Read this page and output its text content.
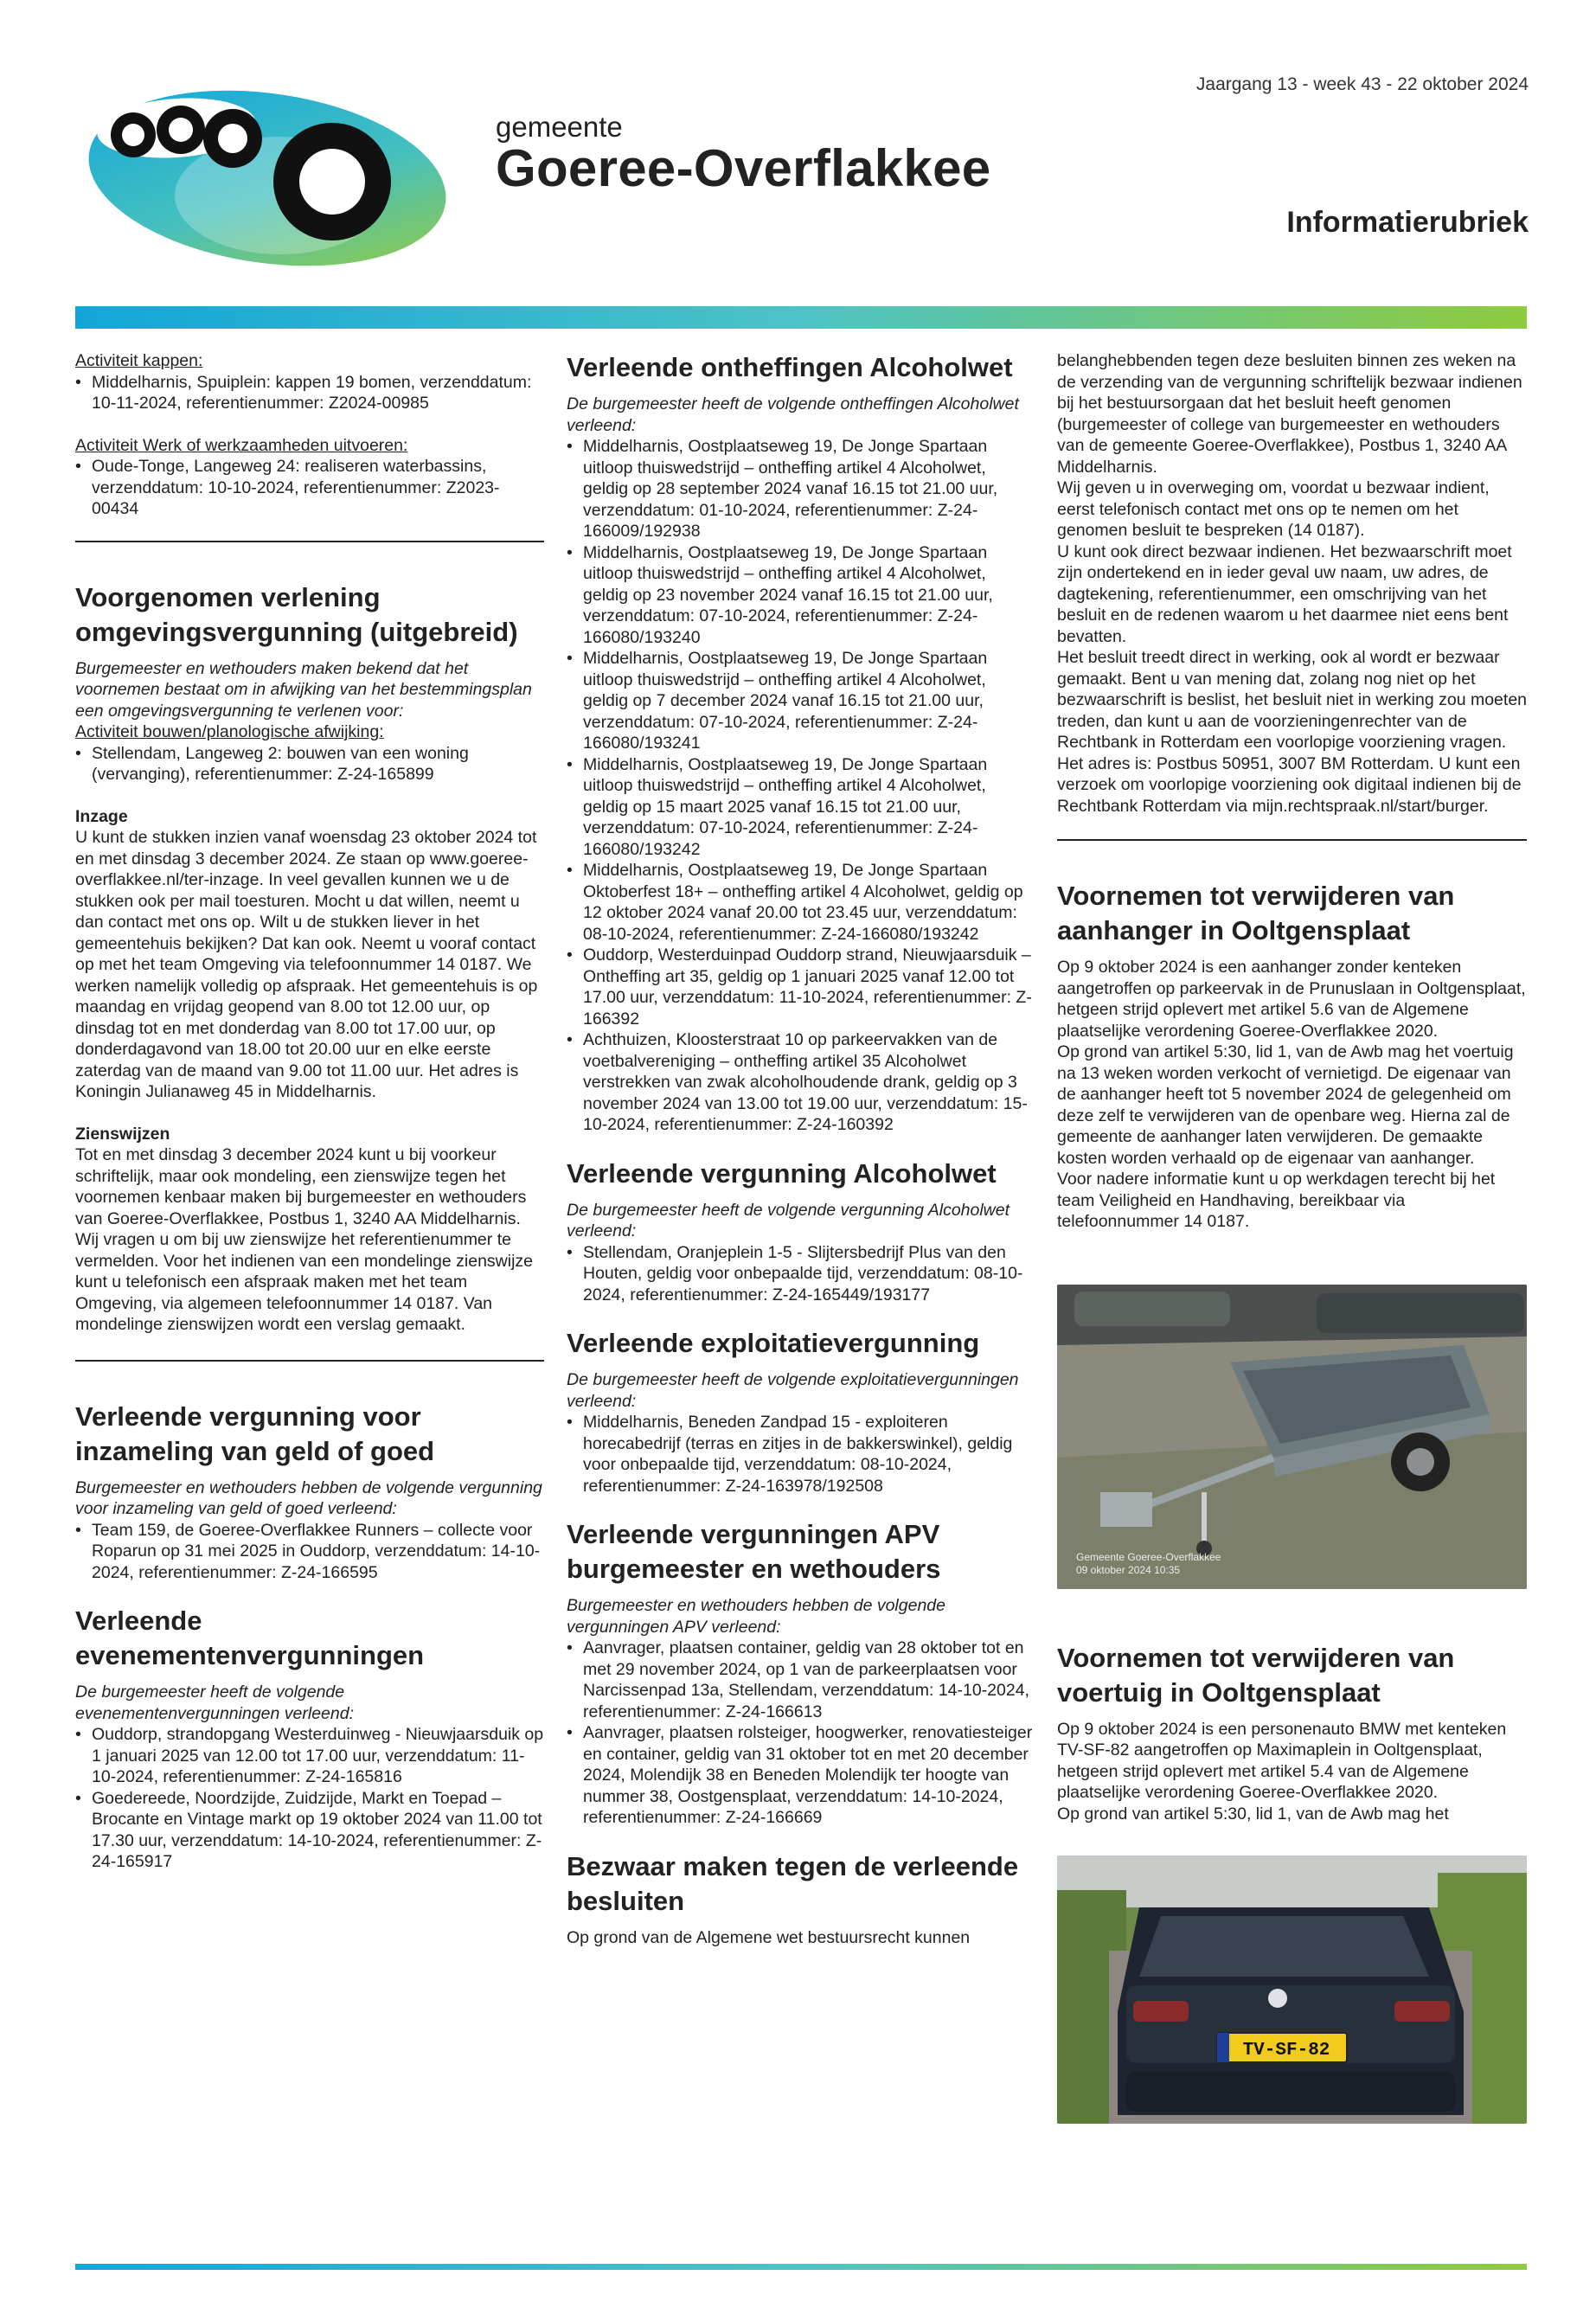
Jaargang 13 - week 43 - 22 oktober 2024
gemeente
Goeree-Overflakkee
Informatierubriek

Activiteit kappen:

• Middelharnis, Spuiplein: kappen 19 bomen, verzenddatum: 10-11-2024, referentienummer: Z2024-00985

Activiteit Werk of werkzaamheden uitvoeren:

• Oude-Tonge, Langeweg 24: realiseren waterbassins, verzenddatum: 10-10-2024, referentienummer: Z2023-00434
Voorgenomen verlening omgevingsvergunning (uitgebreid)

Burgemeester en wethouders maken bekend dat het voornemen bestaat om in afwijking van het bestemmingsplan een omgevingsvergunning te verlenen voor:

Activiteit bouwen/planologische afwijking:

• Stellendam, Langeweg 2: bouwen van een woning (vervanging), referentienummer: Z-24-165899

Inzage

U kunt de stukken inzien vanaf woensdag 23 oktober 2024 tot en met dinsdag 3 december 2024. Ze staan op www.goeree-overflakkee.nl/ter-inzage. In veel gevallen kunnen we u de stukken ook per mail toesturen. Mocht u dat willen, neemt u dan contact met ons op. Wilt u de stukken liever in het gemeentehuis bekijken? Dat kan ook. Neemt u vooraf contact op met het team Omgeving via telefoonnummer 14 0187. We werken namelijk volledig op afspraak. Het gemeentehuis is op maandag en vrijdag geopend van 8.00 tot 12.00 uur, op dinsdag tot en met donderdag van 8.00 tot 17.00 uur, op donderdagavond van 18.00 tot 20.00 uur en elke eerste zaterdag van de maand van 9.00 tot 11.00 uur. Het adres is Koningin Julianaweg 45 in Middelharnis.

Zienswijzen

Tot en met dinsdag 3 december 2024 kunt u bij voorkeur schriftelijk, maar ook mondeling, een zienswijze tegen het voornemen kenbaar maken bij burgemeester en wethouders van Goeree-Overflakkee, Postbus 1, 3240 AA Middelharnis. Wij vragen u om bij uw zienswijze het referentienummer te vermelden. Voor het indienen van een mondelinge zienswijze kunt u telefonisch een afspraak maken met het team Omgeving, via algemeen telefoonnummer 14 0187. Van mondelinge zienswijzen wordt een verslag gemaakt.

Verleende vergunning voor inzameling van geld of goed

Burgemeester en wethouders hebben de volgende vergunning voor inzameling van geld of goed verleend:

• Team 159, de Goeree-Overflakkee Runners – collecte voor Roparun op 31 mei 2025 in Ouddorp, verzenddatum: 14-10-2024, referentienummer: Z-24-166595
Verleende evenementenvergunningen

De burgemeester heeft de volgende evenementenvergunningen verleend:

• Ouddorp, strandopgang Westerduinweg - Nieuwjaarsduik op 1 januari 2025 van 12.00 tot 17.00 uur, verzenddatum: 11-10-2024, referentienummer: Z-24-165816
• Goedereede, Noordzijde, Zuidzijde, Markt en Toepad – Brocante en Vintage markt op 19 oktober 2024 van 11.00 tot 17.30 uur, verzenddatum: 14-10-2024, referentienummer: Z-24-165917
Verleende ontheffingen Alcoholwet

De burgemeester heeft de volgende ontheffingen Alcoholwet verleend:

• Middelharnis, Oostplaatseweg 19, De Jonge Spartaan uitloop thuiswedstrijd – ontheffing artikel 4 Alcoholwet, geldig op 28 september 2024 vanaf 16.15 tot 21.00 uur, verzenddatum: 01-10-2024, referentienummer: Z-24-166009/192938
• Middelharnis, Oostplaatseweg 19, De Jonge Spartaan uitloop thuiswedstrijd – ontheffing artikel 4 Alcoholwet, geldig op 23 november 2024 vanaf 16.15 tot 21.00 uur, verzenddatum: 07-10-2024, referentienummer: Z-24-166080/193240
• Middelharnis, Oostplaatseweg 19, De Jonge Spartaan uitloop thuiswedstrijd – ontheffing artikel 4 Alcoholwet, geldig op 7 december 2024 vanaf 16.15 tot 21.00 uur, verzenddatum: 07-10-2024, referentienummer: Z-24-166080/193241
• Middelharnis, Oostplaatseweg 19, De Jonge Spartaan uitloop thuiswedstrijd – ontheffing artikel 4 Alcoholwet, geldig op 15 maart 2025 vanaf 16.15 tot 21.00 uur, verzenddatum: 07-10-2024, referentienummer: Z-24-166080/193242
• Middelharnis, Oostplaatseweg 19, De Jonge Spartaan Oktoberfest 18+ – ontheffing artikel 4 Alcoholwet, geldig op 12 oktober 2024 vanaf 20.00 tot 23.45 uur, verzenddatum: 08-10-2024, referentienummer: Z-24-166080/193242
• Ouddorp, Westerduinpad Ouddorp strand, Nieuwjaarsduik – Ontheffing art 35, geldig op 1 januari 2025 vanaf 12.00 tot 17.00 uur, verzenddatum: 11-10-2024, referentienummer: Z-166392
• Achthuizen, Kloosterstraat 10 op parkeervakken van de voetbalvereniging – ontheffing artikel 35 Alcoholwet verstrekken van zwak alcoholhoudende drank, geldig op 3 november 2024 van 13.00 tot 19.00 uur, verzenddatum: 15-10-2024, referentienummer: Z-24-160392
Verleende vergunning Alcoholwet

De burgemeester heeft de volgende vergunning Alcoholwet verleend:

• Stellendam, Oranjeplein 1-5 - Slijtersbedrijf Plus van den Houten, geldig voor onbepaalde tijd, verzenddatum: 08-10-2024, referentienummer: Z-24-165449/193177
Verleende exploitatievergunning

De burgemeester heeft de volgende exploitatievergunningen verleend:

• Middelharnis, Beneden Zandpad 15 - exploiteren horecabedrijf (terras en zitjes in de bakkerswinkel), geldig voor onbepaalde tijd, verzenddatum: 08-10-2024, referentienummer: Z-24-163978/192508
Verleende vergunningen APV burgemeester en wethouders

Burgemeester en wethouders hebben de volgende vergunningen APV verleend:

• Aanvrager, plaatsen container, geldig van 28 oktober tot en met 29 november 2024, op 1 van de parkeerplaatsen voor Narcissenpad 13a, Stellendam, verzenddatum: 14-10-2024, referentienummer: Z-24-166613
• Aanvrager, plaatsen rolsteiger, hoogwerker, renovatiesteiger en container, geldig van 31 oktober tot en met 20 december 2024, Molendijk 38 en Beneden Molendijk ter hoogte van nummer 38, Oostgensplaat, verzenddatum: 14-10-2024, referentienummer: Z-24-166669
Bezwaar maken tegen de verleende besluiten

Op grond van de Algemene wet bestuursrecht kunnen

belanghebbenden tegen deze besluiten binnen zes weken na de verzending van de vergunning schriftelijk bezwaar indienen bij het bestuursorgaan dat het besluit heeft genomen (burgemeester of college van burgemeester en wethouders van de gemeente Goeree-Overflakkee), Postbus 1, 3240 AA Middelharnis.

Wij geven u in overweging om, voordat u bezwaar indient, eerst telefonisch contact met ons op te nemen om het genomen besluit te bespreken (14 0187).

U kunt ook direct bezwaar indienen. Het bezwaarschrift moet zijn ondertekend en in ieder geval uw naam, uw adres, de dagtekening, referentienummer, een omschrijving van het besluit en de redenen waarom u het daarmee niet eens bent bevatten.

Het besluit treedt direct in werking, ook al wordt er bezwaar gemaakt. Bent u van mening dat, zolang nog niet op het bezwaarschrift is beslist, het besluit niet in werking zou moeten treden, dan kunt u aan de voorzieningenrechter van de Rechtbank in Rotterdam een voorlopige voorziening vragen. Het adres is: Postbus 50951, 3007 BM Rotterdam. U kunt een verzoek om voorlopige voorziening ook digitaal indienen bij de Rechtbank Rotterdam via mijn.rechtspraak.nl/start/burger.

Voornemen tot verwijderen van aanhanger in Ooltgensplaat

Op 9 oktober 2024 is een aanhanger zonder kenteken aangetroffen op parkeervak in de Prunuslaan in Ooltgensplaat, hetgeen strijd oplevert met artikel 5.6 van de Algemene plaatselijke verordening Goeree-Overflakkee 2020.

Op grond van artikel 5:30, lid 1, van de Awb mag het voertuig na 13 weken worden verkocht of vernietigd. De eigenaar van de aanhanger heeft tot 5 november 2024 de gelegenheid om deze zelf te verwijderen van de openbare weg. Hierna zal de gemeente de aanhanger laten verwijderen. De gemaakte kosten worden verhaald op de eigenaar van aanhanger.

Voor nadere informatie kunt u op werkdagen terecht bij het team Veiligheid en Handhaving, bereikbaar via telefoonnummer 14 0187.

Gemeente Goeree-Overflakkee
09 oktober 2024 10:35
Voornemen tot verwijderen van voertuig in Ooltgensplaat

Op 9 oktober 2024 is een personenauto BMW met kenteken TV-SF-82 aangetroffen op Maximaplein in Ooltgensplaat, hetgeen strijd oplevert met artikel 5.4 van de Algemene plaatselijke verordening Goeree-Overflakkee 2020.

Op grond van artikel 5:30, lid 1, van de Awb mag het

TV-SF-82
